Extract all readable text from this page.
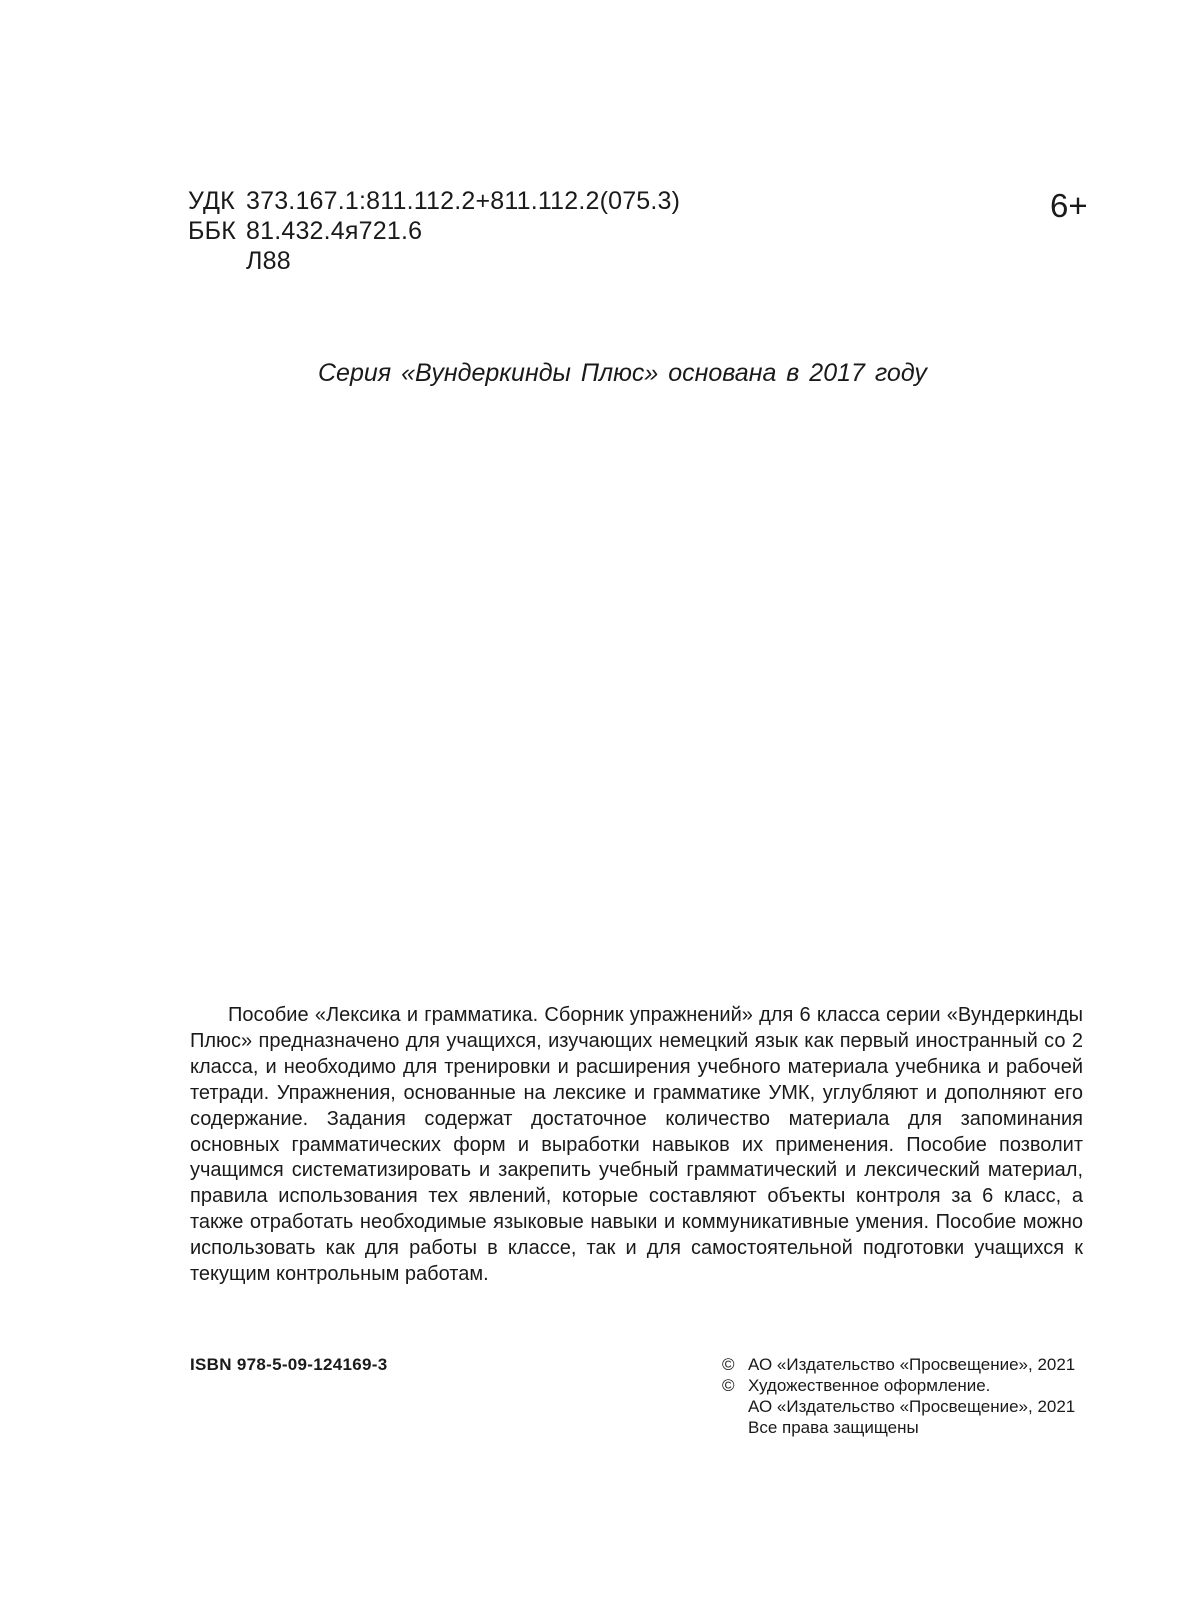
УДК 373.167.1:811.112.2+811.112.2(075.3)
ББК 81.432.4я721.6
Л88
6+
Серия «Вундеркинды Плюс» основана в 2017 году

Пособие «Лексика и грамматика. Сборник упражнений» для 6 класса серии «Вундеркинды Плюс» предназначено для учащихся, изучающих немецкий язык как первый иностранный со 2 класса, и необходимо для тренировки и расширения учебного материала учебника и рабочей тетради. Упражнения, основанные на лексике и грамматике УМК, углубляют и дополняют его содержание. Задания содержат достаточное количество материала для запоминания основных грамматических форм и выработки навыков их применения. Пособие позволит учащимся систематизировать и закрепить учебный грамматический и лексический материал, правила использования тех явлений, которые составляют объекты контроля за 6 класс, а также отработать необходимые языковые навыки и коммуникативные умения. Пособие можно использовать как для работы в классе, так и для самостоятельной подготовки учащихся к текущим контрольным работам.

ISBN 978-5-09-124169-3	© АО «Издательство «Просвещение», 2021
© Художественное оформление.
АО «Издательство «Просвещение», 2021
Все права защищены
